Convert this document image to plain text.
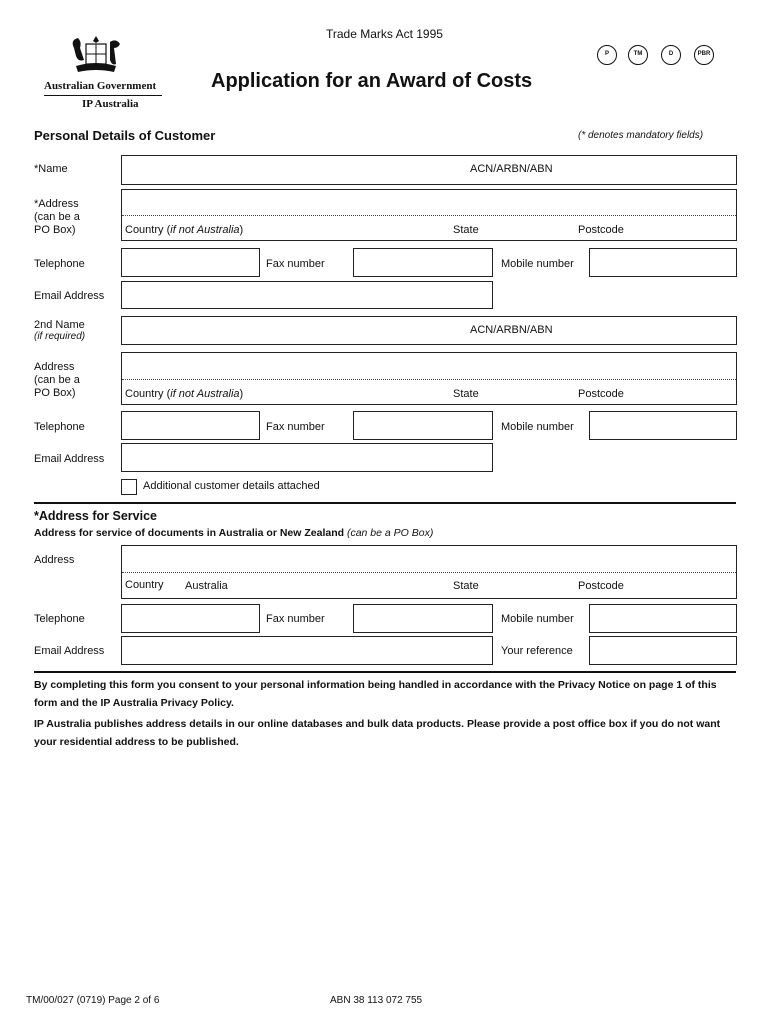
Trade Marks Act 1995
Australian Government
IP Australia
Application for an Award of Costs
P	TM	D	PBR
Personal Details of Customer	(* denotes mandatory fields)
*Name	ACN/ARBN/ABN
*Address
(can be a
PO Box)	Country (if not Australia)	State	Postcode
Telephone	Fax number	Mobile number
Email Address
2nd Name
(if required)
ACN/ARBN/ABN
Address
(can be a
PO Box)	Country (if not Australia)	State	Postcode
Telephone	Fax number	Mobile number
Email Address
Additional customer details attached
*Address for Service
Address for service of documents in Australia or New Zealand (can be a PO Box)
Address
Country Australia	State	Postcode
Telephone	Fax number	Mobile number
Email Address	Your reference
By completing this form you consent to your personal information being handled in accordance with the Privacy Notice on page 1 of this form and the IP Australia Privacy Policy.
IP Australia publishes address details in our online databases and bulk data products. Please provide a post office box if you do not want your residential address to be published.
TM/00/027 (0719) Page 2 of 6	ABN 38 113 072 755
